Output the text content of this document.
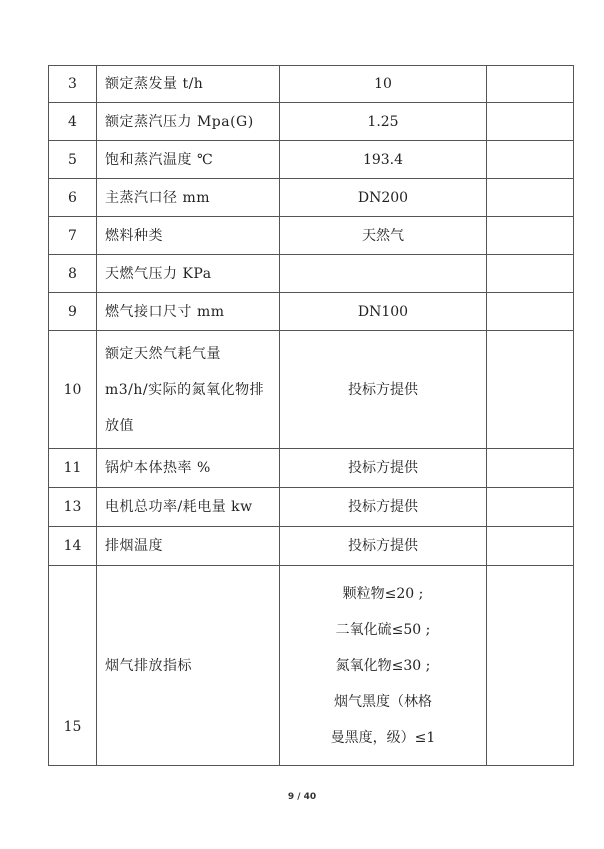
3	额定蒸发量 t/h	10	

4	额定蒸汽压力 Mpa(G)	1.25	

5	饱和蒸汽温度 ℃	193.4	

6	主蒸汽口径 mm	DN200	

7	燃料种类	天然气	

8	天燃气压力 KPa		

9	燃气接口尺寸 mm	DN100	

10	额定天然气耗气量
m3/h/实际的氮氧化物排
放值	投标方提供	

11	锅炉本体热率 %	投标方提供	

13	电机总功率/耗电量 kw	投标方提供	

14	排烟温度	投标方提供	

15	烟气排放指标	颗粒物≤20 ;
二氧化硫≤50 ;
氮氧化物≤30 ;
烟气黑度（林格
曼黑度，级）≤1	

9 / 40
